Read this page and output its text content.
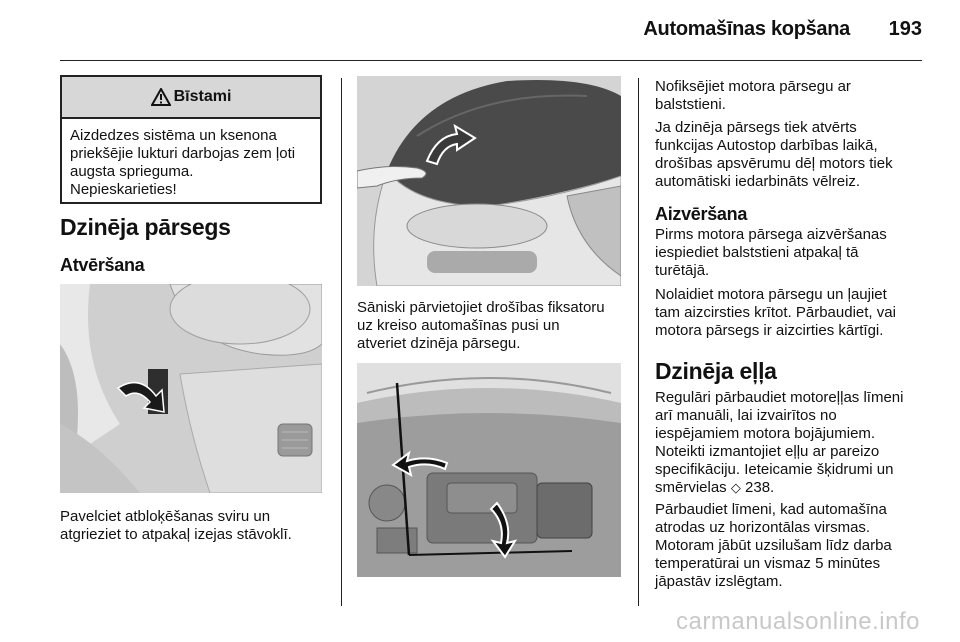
Automašīnas kopšana 193
Bīstami

Aizdedzes sistēma un ksenona

priekšējie lukturi darbojas zem ļoti

augsta sprieguma.

Nepieskarieties!

Dzinēja pārsegs
Atvēršana

Pavelciet atbloķēšanas sviru un
atgrieziet to atpakaļ izejas stāvoklī.

Sāniski pārvietojiet drošības fiksatoru
uz kreiso automašīnas pusi un
atveriet dzinēja pārsegu.

Nofiksējiet motora pārsegu ar
balststieni.

Ja dzinēja pārsegs tiek atvērts
funkcijas Autostop darbības laikā,
drošības apsvērumu dēļ motors tiek
automātiski iedarbināts vēlreiz.

Aizvēršana

Pirms motora pārsega aizvēršanas
iespiediet balststieni atpakaļ tā
turētājā.

Nolaidiet motora pārsegu un ļaujiet
tam aizcirsties krītot. Pārbaudiet, vai
motora pārsegs ir aizcirties kārtīgi.

Dzinēja eļļa

Regulāri pārbaudiet motoreļļas līmeni
arī manuāli, lai izvairītos no
iespējamiem motora bojājumiem.
Noteikti izmantojiet eļļu ar pareizo
specifikāciju. Ieteicamie šķidrumi un
smērvielas ◇ 238.

Pārbaudiet līmeni, kad automašīna
atrodas uz horizontālas virsmas.
Motoram jābūt uzsilušam līdz darba
temperatūrai un vismaz 5 minūtes
jāpastāv izslēgtam.

carmanualsonline.info
